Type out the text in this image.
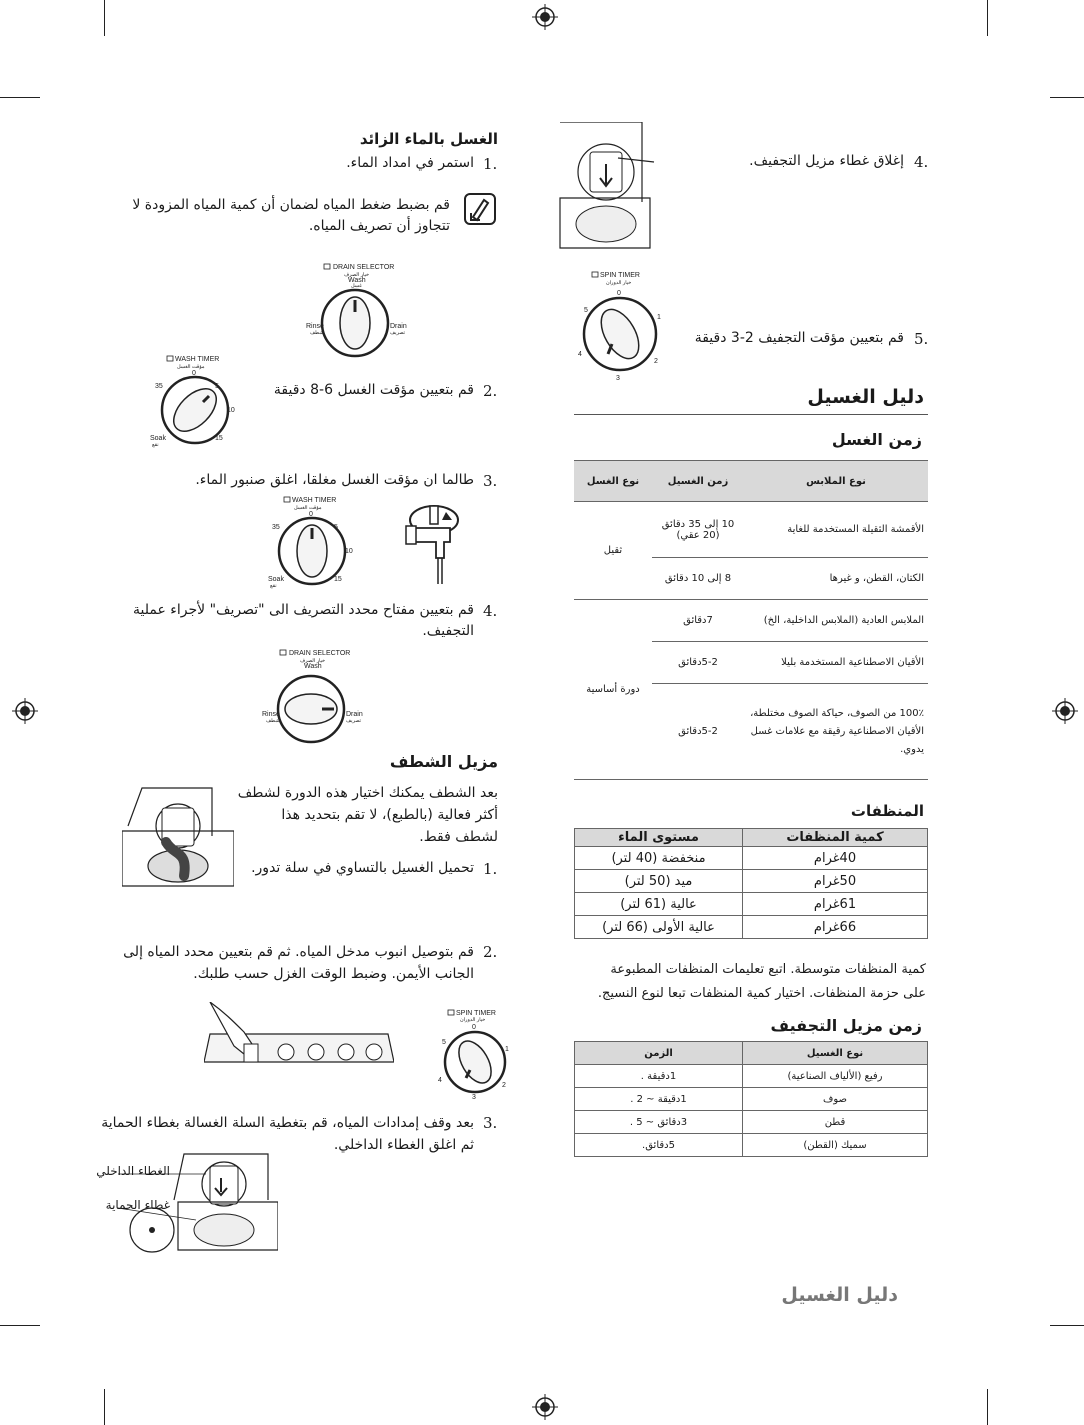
الغسل بالماء الزائد
1.
استمر في امداد الماء.
قم بضبط ضغط المياه لضمان أن كمية المياه المزودة لا تتجاوز أن تصريف المياه.
DRAIN SELECTOR
خيار الصرف
Wash
غسل
Rinse
شطف
Drain
تصريف
WASH TIMER
مؤقت الغسل
0
5
10
15
35
Soak
نقع
2.
قم بتعيين مؤقت الغسل 6-8 دقيقة
3.
طالما ان مؤقت الغسل مغلقا، اغلق صنبور الماء.
WASH TIMER
مؤقت الغسل
0
5
10
15
35
Soak
نقع
4.
قم بتعيين مفتاح محدد التصريف الى "تصريف" لأجراء عملية التجفيف.
DRAIN SELECTOR
خيار الصرف
Wash
Rinse
شطف
Drain
تصريف
مزيل الشطف
بعد الشطف يمكنك اختيار هذه الدورة لشطف أكثر فعالية (بالطبع)، لا تقم بتحديد هذا لشطف فقط.
1.
تحميل الغسيل بالتساوي في سلة تدور.
2.
قم بتوصيل انبوب مدخل المياه. ثم قم بتعيين محدد المياه إلى الجانب الأيمن. وضبط الوقت الغزل حسب طلبك.
SPIN TIMER
خيار الدوران
0
1
2
3
4
5
3.
بعد وقف إمدادات المياه، قم بتغطية السلة الغسالة بغطاء الحماية ثم اغلق الغطاء الداخلي.
الغطاء الداخلي
غطاء الحماية
4.
إغلاق غطاء مزيل التجفيف.
SPIN TIMER
خيار الدوران
0
1
2
3
4
5
5.
قم بتعيين مؤقت التجفيف 2-3 دقيقة
دليل الغسيل
زمن الغسل
نوع الملابس	زمن الغسيل	نوع الغسل
الأقمشة الثقيلة المستخدمة للغاية	10 إلى 35 دقائق (20 عقي)	ثقيل
الكتان، القطن، و غيرها	8 إلى 10 دقائق	
الملابس العادية (الملابس الداخلية، الخ)	7دقائق	دورة أساسية
الأقيان الاصطناعية المستخدمة بليلا	5-2دقائق	
100٪ من الصوف، حياكة الصوف مختلطة، الأقيان الاصطناعية رقيقة مع علامات غسل يدوي.	5-2دقائق	
المنظفات
كمية المنظفات	مستوى الماء
40غرام	منخفضة (40 لتر)
50غرام	ميد (50 لتر)
61غرام	عالية (61 لتر)
66غرام	عالية الأولى (66 لتر)
كمية المنظفات متوسطة. اتبع تعليمات المنظفات المطبوعة على حزمة المنظفات. اختيار كمية المنظفات تبعا لنوع النسيج.
زمن مزيل التجفيف
نوع الغسيل	الزمن
رفيع (الألياف الصناعية)	1دقيقة .
صوف	1دقيقة ~ 2 .
قطن	3دقائق ~ 5 .
سميك (القطن)	5دقائق.
دليل الغسيل
